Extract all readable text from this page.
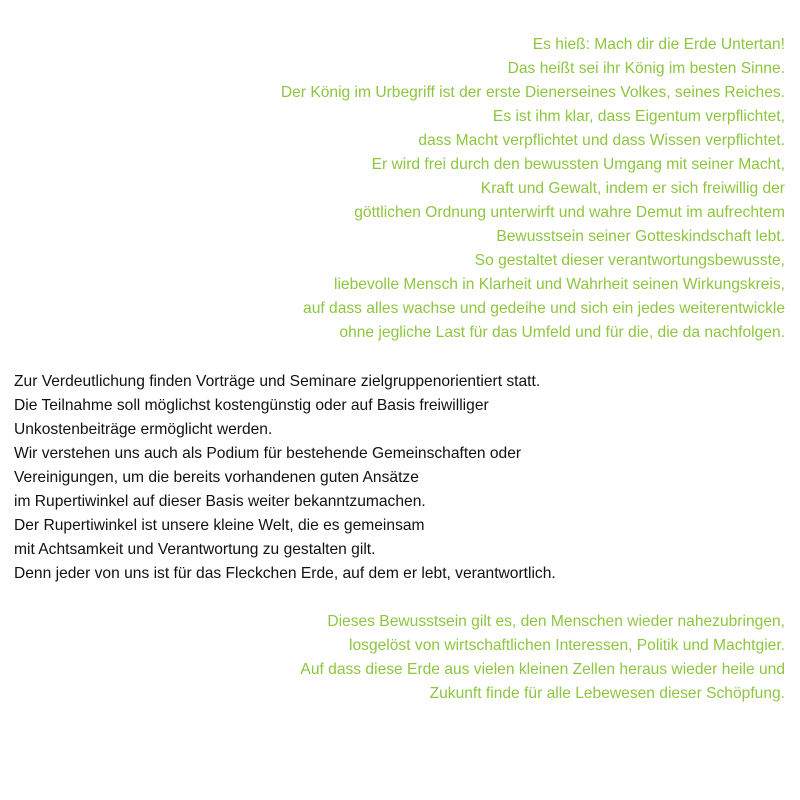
Es hieß: Mach dir die Erde Untertan!
Das heißt sei ihr König im besten Sinne.
Der König im Urbegriff ist der erste Dienerseines Volkes, seines Reiches.
Es ist ihm klar, dass Eigentum verpflichtet,
dass Macht verpflichtet und dass Wissen verpflichtet.
Er wird frei durch den bewussten Umgang mit seiner Macht,
Kraft und Gewalt, indem er sich freiwillig der
göttlichen Ordnung unterwirft und wahre Demut im aufrechtem
Bewusstsein seiner Gotteskindschaft lebt.
So gestaltet dieser verantwortungsbewusste,
liebevolle Mensch in Klarheit und Wahrheit seinen Wirkungskreis,
auf dass alles wachse und gedeihe und sich ein jedes weiterentwickle
ohne jegliche Last für das Umfeld und für die, die da nachfolgen.
Zur Verdeutlichung finden Vorträge und Seminare zielgruppenorientiert statt.
Die Teilnahme soll möglichst kostengünstig oder auf Basis freiwilliger
Unkostenbeiträge ermöglicht werden.
Wir verstehen uns auch als Podium für bestehende Gemeinschaften oder
Vereinigungen, um die bereits vorhandenen guten Ansätze
im Rupertiwinkel auf dieser Basis weiter bekanntzumachen.
Der Rupertiwinkel ist unsere kleine Welt, die es gemeinsam
mit Achtsamkeit und Verantwortung zu gestalten gilt.
Denn jeder von uns ist für das Fleckchen Erde, auf dem er lebt, verantwortlich.
Dieses Bewusstsein gilt es, den Menschen wieder nahezubringen,
losgelöst von wirtschaftlichen Interessen, Politik und Machtgier.
Auf dass diese Erde aus vielen kleinen Zellen heraus wieder heile und
Zukunft finde für alle Lebewesen dieser Schöpfung.
